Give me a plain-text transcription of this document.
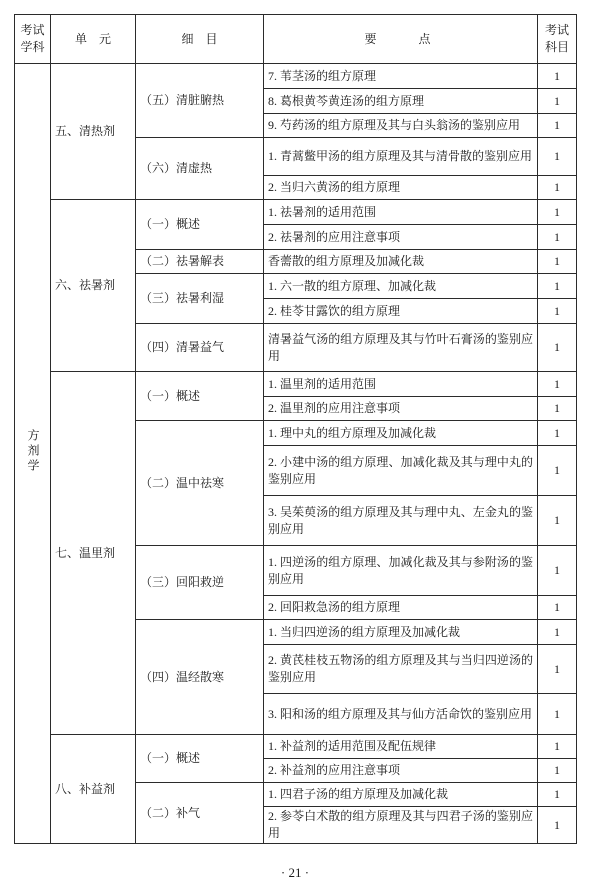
考试学科	单　元	细　目	要　　点	考试科目
方剂学	五、清热剂	（五）清脏腑热	7. 苇茎汤的组方原理	1
			8. 葛根黄芩黄连汤的组方原理	1
			9. 芍药汤的组方原理及其与白头翁汤的鉴别应用	1
		（六）清虚热	1. 青蒿鳖甲汤的组方原理及其与清骨散的鉴别应用	1
			2. 当归六黄汤的组方原理	1
	六、祛暑剂	（一）概述	1. 祛暑剂的适用范围	1
			2. 祛暑剂的应用注意事项	1
		（二）祛暑解表	香薷散的组方原理及加减化裁	1
		（三）祛暑利湿	1. 六一散的组方原理、加减化裁	1
			2. 桂苓甘露饮的组方原理	1
		（四）清暑益气	清暑益气汤的组方原理及其与竹叶石膏汤的鉴别应用	1
	七、温里剂	（一）概述	1. 温里剂的适用范围	1
			2. 温里剂的应用注意事项	1
		（二）温中祛寒	1. 理中丸的组方原理及加减化裁	1
			2. 小建中汤的组方原理、加减化裁及其与理中丸的鉴别应用	1
			3. 吴茱萸汤的组方原理及其与理中丸、左金丸的鉴别应用	1
		（三）回阳救逆	1. 四逆汤的组方原理、加减化裁及其与参附汤的鉴别应用	1
			2. 回阳救急汤的组方原理	1
		（四）温经散寒	1. 当归四逆汤的组方原理及加减化裁	1
			2. 黄芪桂枝五物汤的组方原理及其与当归四逆汤的鉴别应用	1
			3. 阳和汤的组方原理及其与仙方活命饮的鉴别应用	1
	八、补益剂	（一）概述	1. 补益剂的适用范围及配伍规律	1
			2. 补益剂的应用注意事项	1
		（二）补气	1. 四君子汤的组方原理及加减化裁	1
			2. 参苓白术散的组方原理及其与四君子汤的鉴别应用	1
· 21 ·
